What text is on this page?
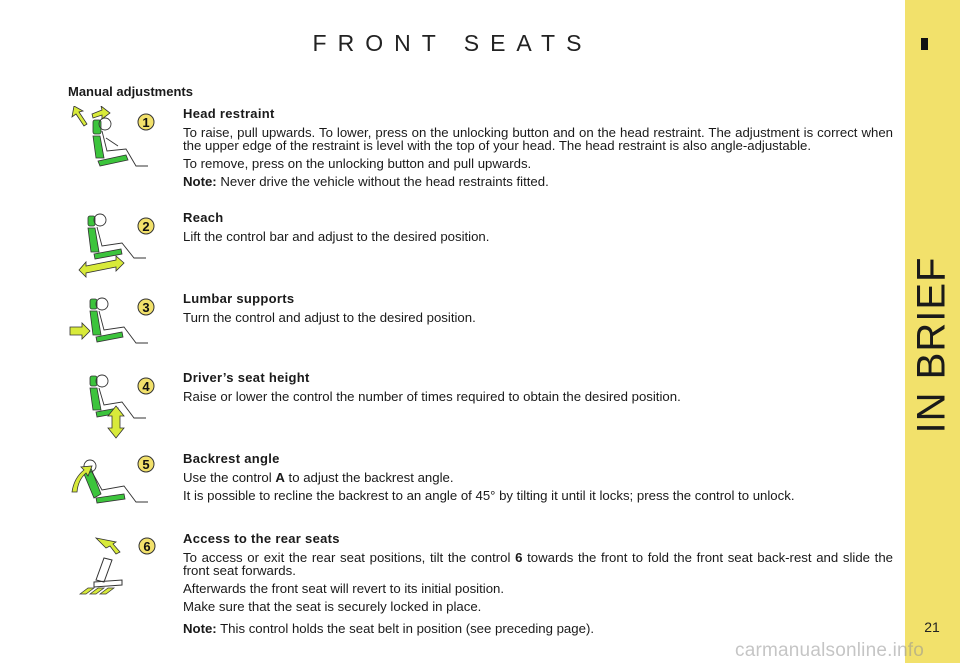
FRONT SEATS
IN BRIEF
21
Manual adjustments
1
2
3
4
5
6
Head restraint

To raise, pull upwards. To lower, press on the unlocking button and on the head restraint. The adjustment is correct when the upper edge of the restraint is level with the top of your head. The head restraint is also angle-adjustable.

To remove, press on the unlocking button and pull upwards.

Note: Never drive the vehicle without the head restraints fitted.

Reach

Lift the control bar and adjust to the desired position.

Lumbar supports

Turn the control and adjust to the desired position.

Driver’s seat height

Raise or lower the control the number of times required to obtain the desired position.

Backrest angle

Use the control A to adjust the backrest angle.

It is possible to recline the backrest to an angle of 45° by tilting it until it locks; press the control to unlock.

Access to the rear seats

To access or exit the rear seat positions, tilt the control 6 towards the front to fold the front seat back-rest and slide the front seat forwards.

Afterwards the front seat will revert to its initial position.

Make sure that the seat is securely locked in place.

Note: This control holds the seat belt in position (see preceding page).

carmanualsonline.info
